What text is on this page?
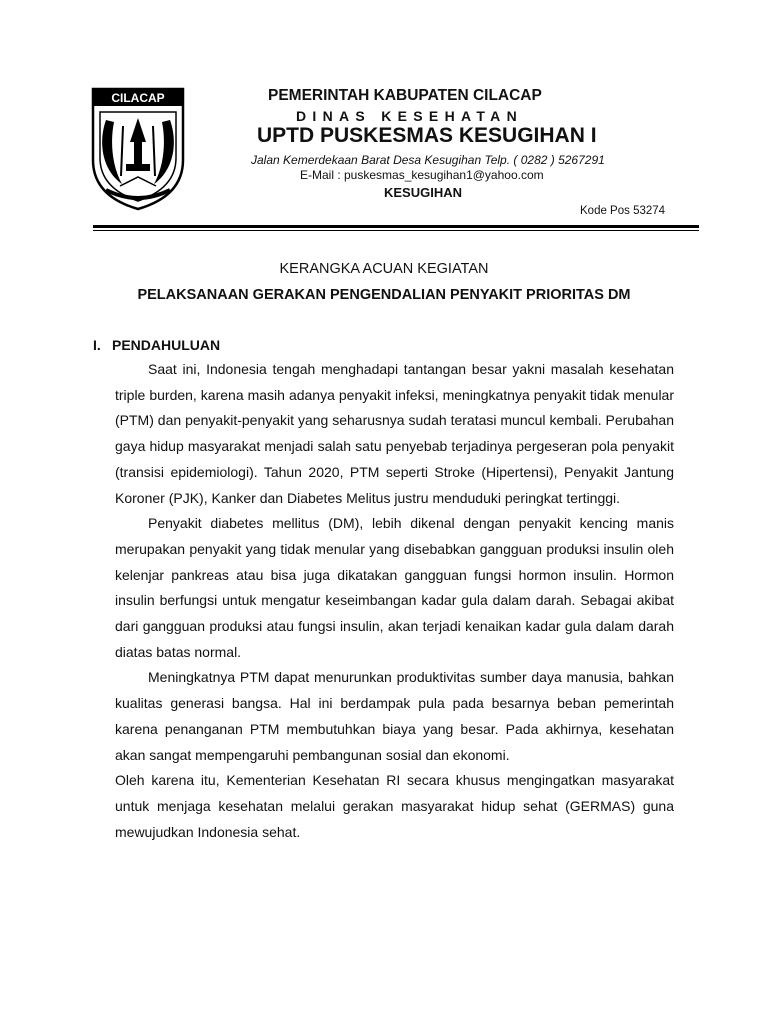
CILACAP	PEMERINTAH KABUPATEN CILACAP
DINAS KESEHATAN
UPTD PUSKESMAS KESUGIHAN I
Jalan Kemerdekaan Barat Desa Kesugihan Telp. ( 0282 ) 5267291
E-Mail : puskesmas_kesugihan1@yahoo.com
KESUGIHAN
Kode Pos 53274
KERANGKA ACUAN KEGIATAN
PELAKSANAAN GERAKAN PENGENDALIAN PENYAKIT PRIORITAS DM
I. PENDAHULUAN

Saat ini, Indonesia tengah menghadapi tantangan besar yakni masalah kesehatan triple burden, karena masih adanya penyakit infeksi, meningkatnya penyakit tidak menular (PTM) dan penyakit-penyakit yang seharusnya sudah teratasi muncul kembali. Perubahan gaya hidup masyarakat menjadi salah satu penyebab terjadinya pergeseran pola penyakit (transisi epidemiologi). Tahun 2020, PTM seperti Stroke (Hipertensi), Penyakit Jantung Koroner (PJK), Kanker dan Diabetes Melitus justru menduduki peringkat tertinggi.

Penyakit diabetes mellitus (DM), lebih dikenal dengan penyakit kencing manis merupakan penyakit yang tidak menular yang disebabkan gangguan produksi insulin oleh kelenjar pankreas atau bisa juga dikatakan gangguan fungsi hormon insulin. Hormon insulin berfungsi untuk mengatur keseimbangan kadar gula dalam darah. Sebagai akibat dari gangguan produksi atau fungsi insulin, akan terjadi kenaikan kadar gula dalam darah diatas batas normal.

Meningkatnya PTM dapat menurunkan produktivitas sumber daya manusia, bahkan kualitas generasi bangsa. Hal ini berdampak pula pada besarnya beban pemerintah karena penanganan PTM membutuhkan biaya yang besar. Pada akhirnya, kesehatan akan sangat mempengaruhi pembangunan sosial dan ekonomi.

Oleh karena itu, Kementerian Kesehatan RI secara khusus mengingatkan masyarakat untuk menjaga kesehatan melalui gerakan masyarakat hidup sehat (GERMAS) guna mewujudkan Indonesia sehat.
